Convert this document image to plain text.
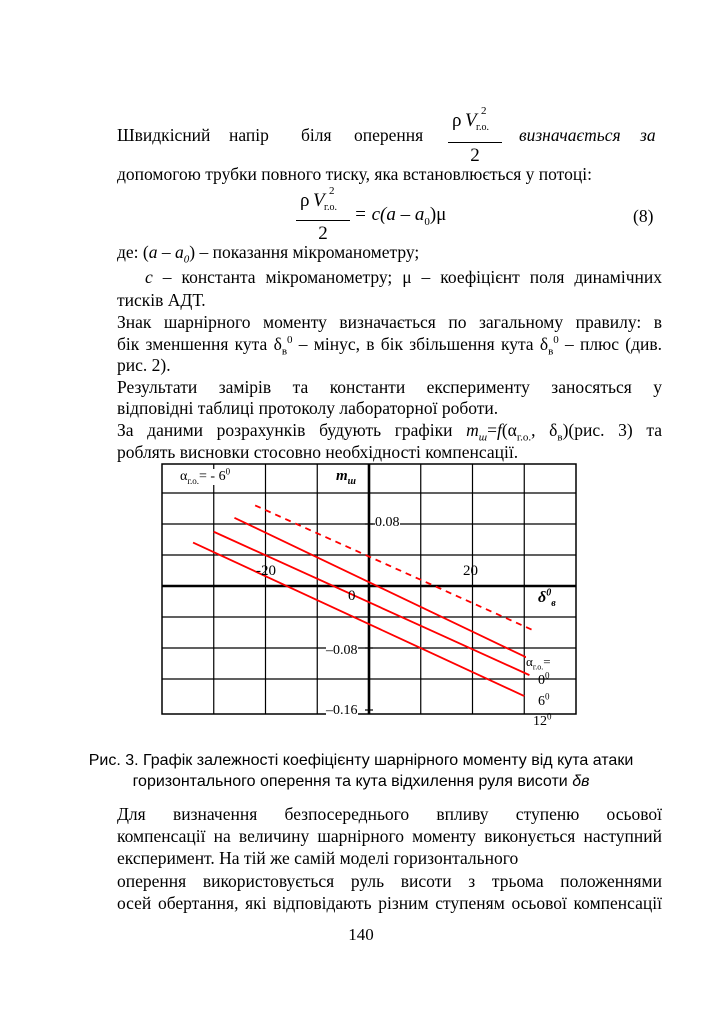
Швидкісний напір біля оперення	визначається за
ρ V 2
г.о.
2
допомогою трубки повного тиску, яка встановлюється у потоці:
ρ V 2
г.о.
2
= $c(a - a_0)\mu$	(8)
де: $(a - a_0)$ – показання мікроманометру;
c – константа мікроманометру; μ – коефіцієнт поля динамічних
тисків АДТ.
Знак шарнірного моменту визначається по загальному правилу: в
бік зменшення кута $\delta_в^0$ – мінус, в бік збільшення кута $\delta_в^0$ – плюс (див.
рис. 2).
Результати замірів та константи експерименту заносяться у
відповідні таблиці протоколу лабораторної роботи.
За даними розрахунків будують графіки $m_ш=f(\alpha_{г.о.}$, $\delta_в)(рис$. 3) та
роблять висновки стосовно необхідності компенсації.
$\alpha_{г.о.}= - 6^0$	$m_ш$
$\delta^0_в$
-20
0
20
0.08
–0.08
–0.16
$\alpha_{г.о.}=$
$0^0$
$6^0$
$12^0$
Рис. 3. Графік залежності коефіцієнту шарнірного моменту від кута атаки
горизонтального оперення та кута відхилення руля висоти δв
Для визначення безпосереднього впливу ступеню осьової
компенсації на величину шарнірного моменту виконується наступний
експеримент. На тій же самій моделі горизонтального
оперення використовується руль висоти з трьома положеннями
осей обертання, які відповідають різним ступеням осьової компенсації
140
